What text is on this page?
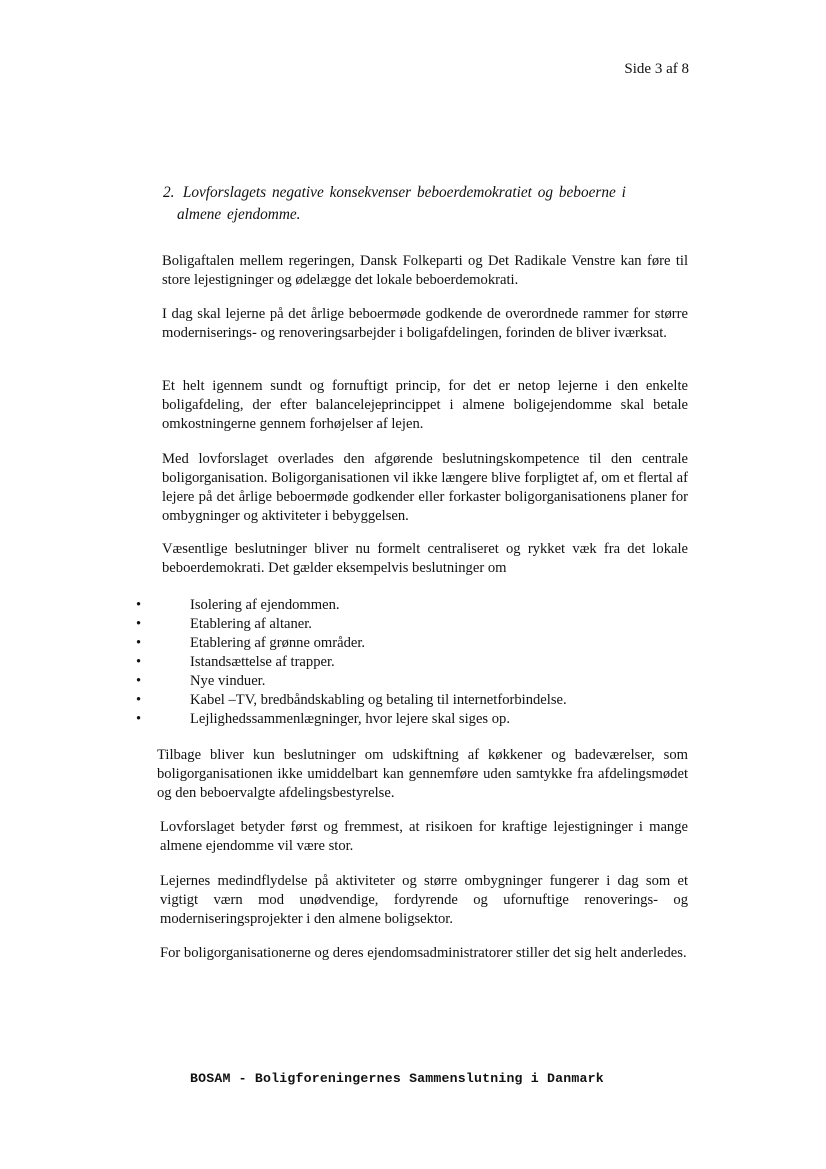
Side 3 af 8
2. Lovforslagets negative konsekvenser beboerdemokratiet og beboerne i
almene ejendomme.

Boligaftalen mellem regeringen, Dansk Folkeparti og Det Radikale Venstre kan føre til store lejestigninger og ødelægge det lokale beboerdemokrati.

I dag skal lejerne på det årlige beboermøde godkende de overordnede rammer for større moderniserings- og renoveringsarbejder i boligafdelingen, forinden de bliver iværksat.

Et helt igennem sundt og fornuftigt princip, for det er netop lejerne i den enkelte boligafdeling, der efter balancelejeprincippet i almene boligejendomme skal betale omkostningerne gennem forhøjelser af lejen.

Med lovforslaget overlades den afgørende beslutningskompetence til den centrale boligorganisation. Boligorganisationen vil ikke længere blive forpligtet af, om et flertal af lejere på det årlige beboermøde godkender eller forkaster boligorganisationens planer for ombygninger og aktiviteter i bebyggelsen.

Væsentlige beslutninger bliver nu formelt centraliseret og rykket væk fra det lokale beboerdemokrati. Det gælder eksempelvis beslutninger om

•	Isolering af ejendommen.
•	Etablering af altaner.
•	Etablering af grønne områder.
•	Istandsættelse af trapper.
•	Nye vinduer.
•	Kabel –TV, bredbåndskabling og betaling til internetforbindelse.
•	Lejlighedssammenlægninger, hvor lejere skal siges op.

Tilbage bliver kun beslutninger om udskiftning af køkkener og badeværelser, som boligorganisationen ikke umiddelbart kan gennemføre uden samtykke fra afdelingsmødet og den beboervalgte afdelingsbestyrelse.

Lovforslaget betyder først og fremmest, at risikoen for kraftige lejestigninger i mange almene ejendomme vil være stor.

Lejernes medindflydelse på aktiviteter og større ombygninger fungerer i dag som et vigtigt værn mod unødvendige, fordyrende og ufornuftige renoverings- og moderniseringsprojekter i den almene boligsektor.

For boligorganisationerne og deres ejendomsadministratorer stiller det sig helt anderledes.

BOSAM - Boligforeningernes Sammenslutning i Danmark
